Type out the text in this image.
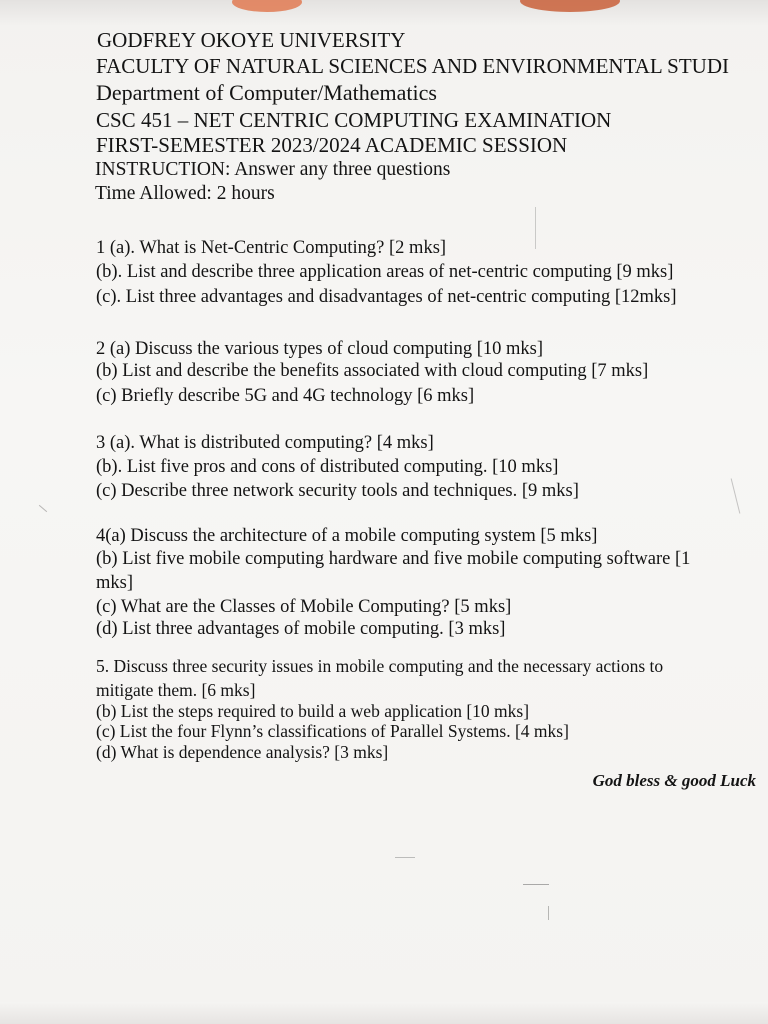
GODFREY OKOYE UNIVERSITY
FACULTY OF NATURAL SCIENCES AND ENVIRONMENTAL STUDI
Department of Computer/Mathematics
CSC 451 – NET CENTRIC COMPUTING EXAMINATION
FIRST-SEMESTER 2023/2024 ACADEMIC SESSION
INSTRUCTION: Answer any three questions
Time Allowed: 2 hours
1 (a). What is Net-Centric Computing? [2 mks]
(b). List and describe three application areas of net-centric computing [9 mks]
(c). List three advantages and disadvantages of net-centric computing [12mks]
2 (a) Discuss the various types of cloud computing [10 mks]
(b) List and describe the benefits associated with cloud computing [7 mks]
(c) Briefly describe 5G and 4G technology [6 mks]
3 (a). What is distributed computing? [4 mks]
(b). List five pros and cons of distributed computing. [10 mks]
(c) Describe three network security tools and techniques. [9 mks]
4(a) Discuss the architecture of a mobile computing system [5 mks]
(b) List five mobile computing hardware and five mobile computing software [1
mks]
(c) What are the Classes of Mobile Computing? [5 mks]
(d) List three advantages of mobile computing. [3 mks]
5. Discuss three security issues in mobile computing and the necessary actions to
mitigate them. [6 mks]
(b) List the steps required to build a web application [10 mks]
(c) List the four Flynn’s classifications of Parallel Systems. [4 mks]
(d) What is dependence analysis? [3 mks]
God bless & good Luck
